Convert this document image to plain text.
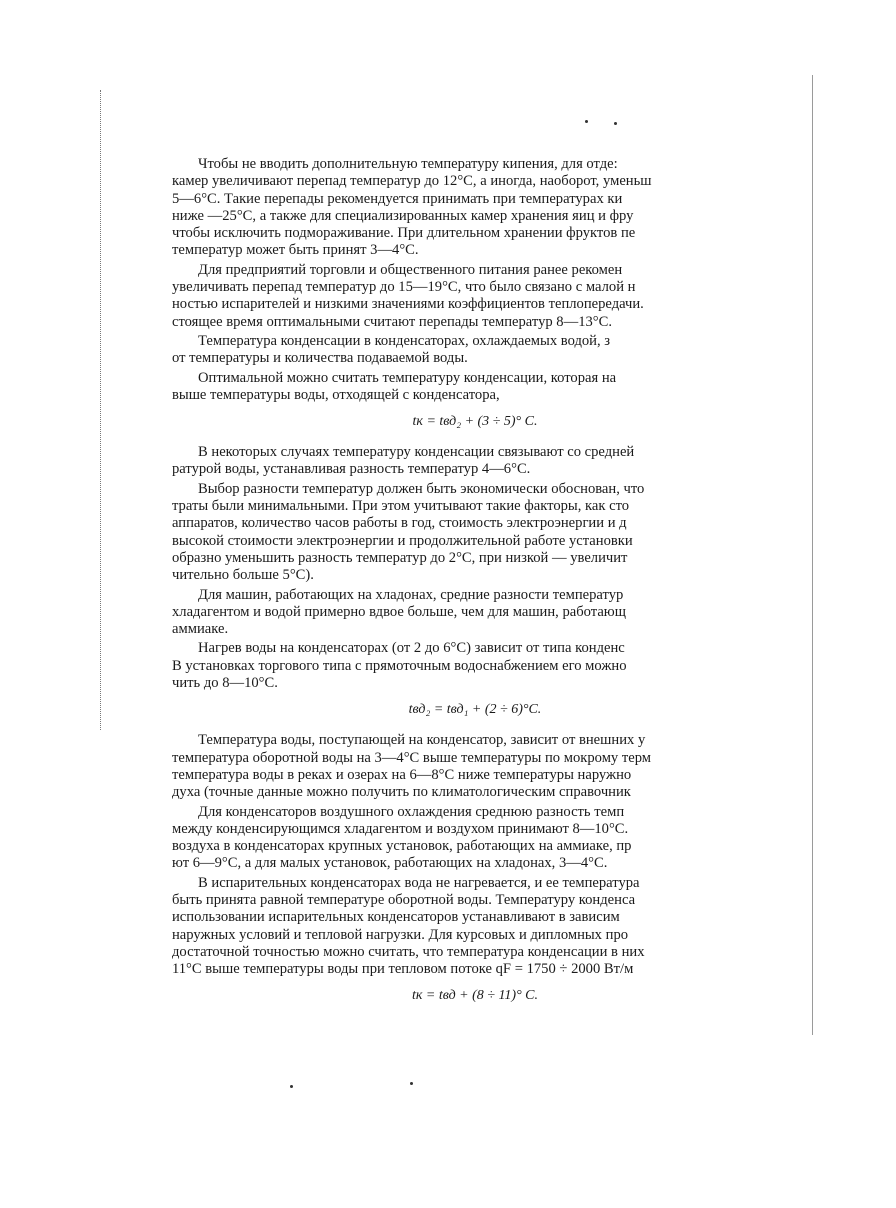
Чтобы не вводить дополнительную температуру кипения, для отде:
камер увеличивают перепад температур до 12°С, а иногда, наоборот, уменьш
5—6°С. Такие перепады рекомендуется принимать при температурах ки
ниже —25°С, а также для специализированных камер хранения яиц и фру
чтобы исключить подмораживание. При длительном хранении фруктов пе
температур может быть принят 3—4°С.

Для предприятий торговли и общественного питания ранее рекомен
увеличивать перепад температур до 15—19°С, что было связано с малой н
ностью испарителей и низкими значениями коэффициентов теплопередачи.
стоящее время оптимальными считают перепады температур 8—13°С.

Температура конденсации в конденсаторах, охлаждаемых водой, з
от температуры и количества подаваемой воды.

Оптимальной можно считать температуру конденсации, которая на
выше температуры воды, отходящей с конденсатора,

tк = tвд₂ + (3 ÷ 5)° С.

В некоторых случаях температуру конденсации связывают со средней
ратурой воды, устанавливая разность температур 4—6°С.

Выбор разности температур должен быть экономически обоснован, что
траты были минимальными. При этом учитывают такие факторы, как сто
аппаратов, количество часов работы в год, стоимость электроэнергии и д
высокой стоимости электроэнергии и продолжительной работе установки
образно уменьшить разность температур до 2°С, при низкой — увеличит
чительно больше 5°С).

Для машин, работающих на хладонах, средние разности температур
хладагентом и водой примерно вдвое больше, чем для машин, работающ
аммиаке.

Нагрев воды на конденсаторах (от 2 до 6°С) зависит от типа конденс
В установках торгового типа с прямоточным водоснабжением его можно
чить до 8—10°С.

tвд₂ = tвд₁ + (2 ÷ 6)°С.

Температура воды, поступающей на конденсатор, зависит от внешних у
температура оборотной воды на 3—4°С выше температуры по мокрому терм
температура воды в реках и озерах на 6—8°С ниже температуры наружно
духа (точные данные можно получить по климатологическим справочник

Для конденсаторов воздушного охлаждения среднюю разность темп
между конденсирующимся хладагентом и воздухом принимают 8—10°С.
воздуха в конденсаторах крупных установок, работающих на аммиаке, пр
ют 6—9°С, а для малых установок, работающих на хладонах, 3—4°С.

В испарительных конденсаторах вода не нагревается, и ее температура
быть принята равной температуре оборотной воды. Температуру конденса
использовании испарительных конденсаторов устанавливают в зависим
наружных условий и тепловой нагрузки. Для курсовых и дипломных про
достаточной точностью можно считать, что температура конденсации в них
11°С выше температуры воды при тепловом потоке qF = 1750 ÷ 2000 Вт/м

tк = tвд + (8 ÷ 11)° С.
